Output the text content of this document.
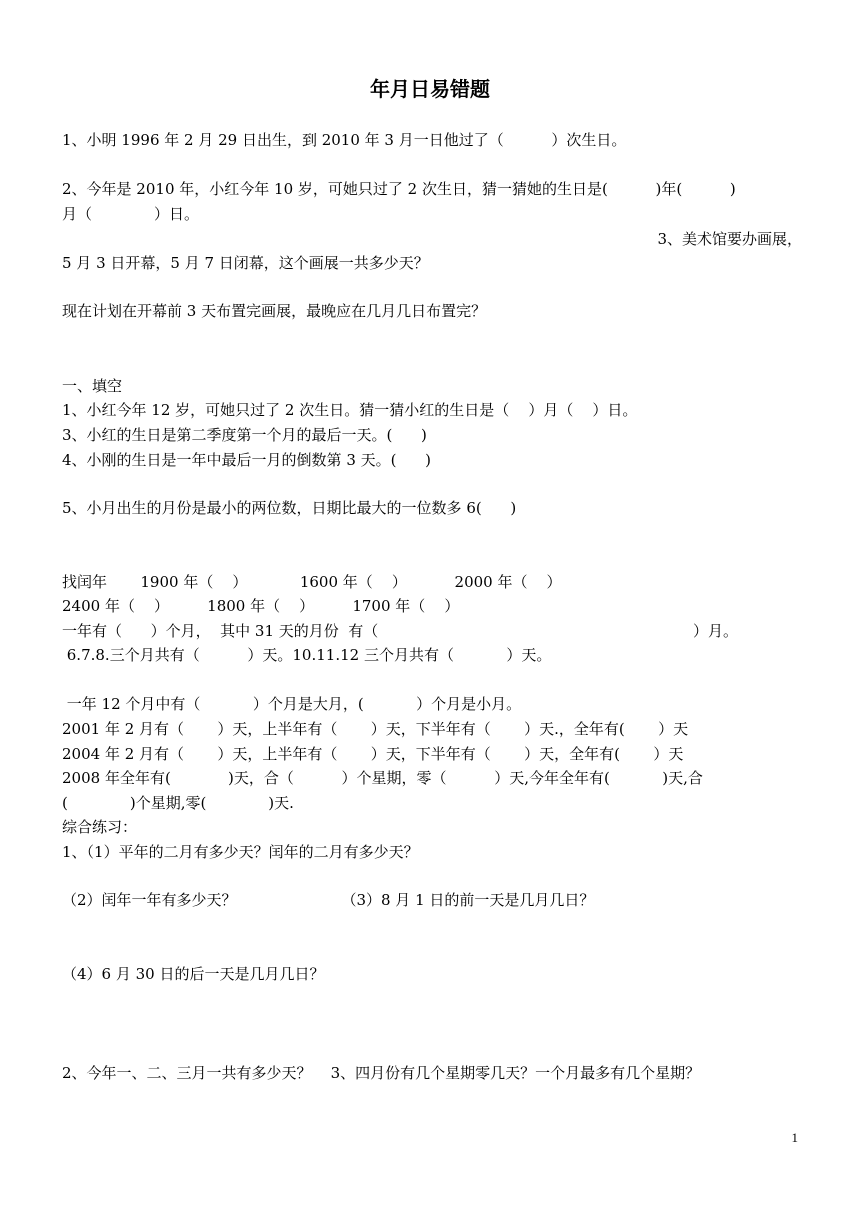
年月日易错题
1、小明 1996 年 2 月 29 日出生，到 2010 年 3 月一日他过了（          ）次生日。
2、今年是 2010 年，小红今年 10 岁，可她只过了 2 次生日，猜一猜她的生日是(          )年(          )
月（             ）日。
3、美术馆要办画展，
5 月 3 日开幕，5 月 7 日闭幕，这个画展一共多少天？
现在计划在开幕前 3 天布置完画展，最晚应在几月几日布置完？
一、填空
1、小红今年 12 岁，可她只过了 2 次生日。猜一猜小红的生日是（    ）月（    ）日。
3、小红的生日是第二季度第一个月的最后一天。(      )
4、小刚的生日是一年中最后一月的倒数第 3 天。(      )
5、小月出生的月份是最小的两位数，日期比最大的一位数多 6(      )
找闰年       1900 年（    ）           1600 年（    ）          2000 年（    ）
2400 年（    ）        1800 年（    ）        1700 年（    ）
一年有（      ）个月，  其中 31 天的月份  有（                                                                  ）月。
6.7.8.三个月共有（          ）天。10.11.12 三个月共有（           ）天。
一年 12 个月中有（           ）个月是大月，(           ）个月是小月。
2001 年 2 月有（       ）天，上半年有（       ）天，下半年有（       ）天.，全年有(       ）天
2004 年 2 月有（       ）天，上半年有（       ）天，下半年有（       ）天，全年有(       ）天
2008 年全年有(            )天，合（          ）个星期，零（          ）天,今年全年有(           )天,合
(             )个星期,零(             )天.
综合练习：
1、（1）平年的二月有多少天？闰年的二月有多少天？
（2）闰年一年有多少天？                      （3）8 月 1 日的前一天是几月几日？
（4）6 月 30 日的后一天是几月几日？
2、今年一、二、三月一共有多少天？    3、四月份有几个星期零几天？一个月最多有几个星期？
1
